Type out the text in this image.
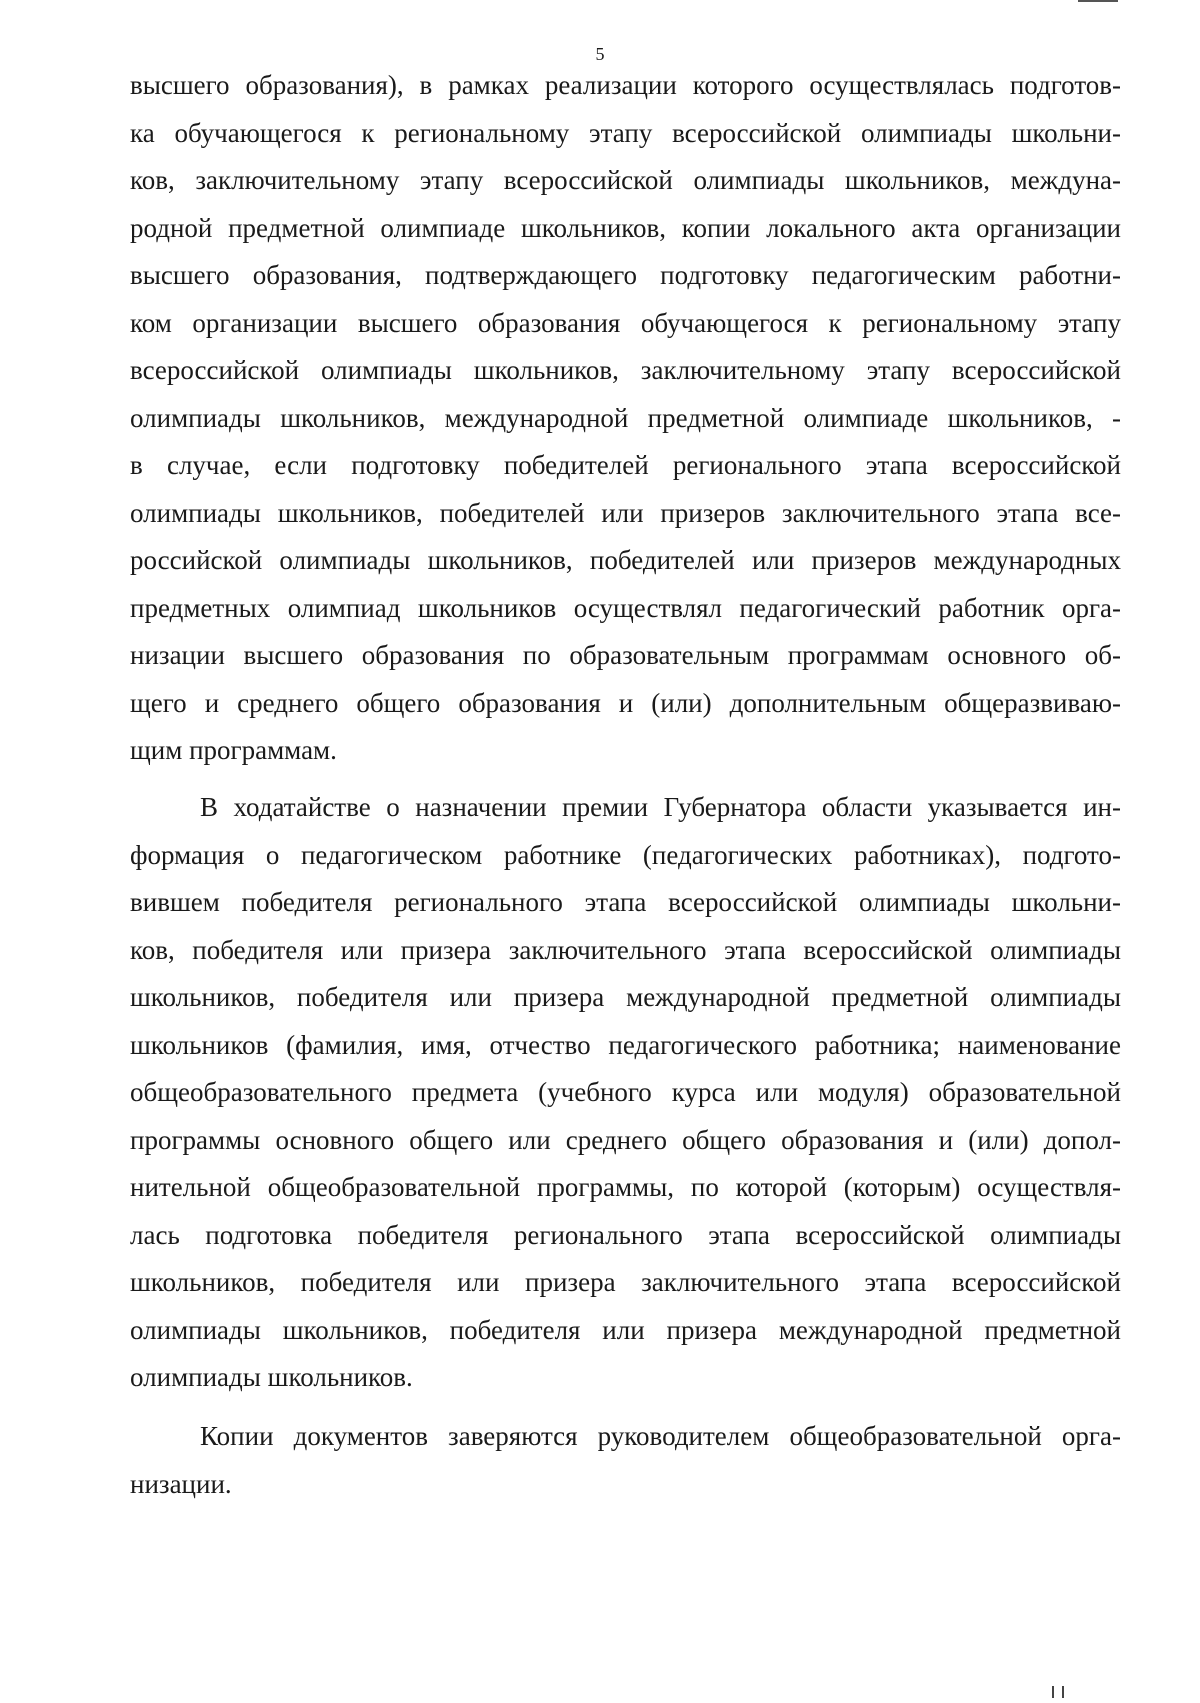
5
высшего образования), в рамках реализации которого осуществлялась подготов-
ка обучающегося к региональному этапу всероссийской олимпиады школьни-
ков, заключительному этапу всероссийской олимпиады школьников, междуна-
родной предметной олимпиаде школьников, копии локального акта организации
высшего образования, подтверждающего подготовку педагогическим работни-
ком организации высшего образования обучающегося к региональному этапу
всероссийской олимпиады школьников, заключительному этапу всероссийской
олимпиады школьников, международной предметной олимпиаде школьников, -
в случае, если подготовку победителей регионального этапа всероссийской
олимпиады школьников, победителей или призеров заключительного этапа все-
российской олимпиады школьников, победителей или призеров международных
предметных олимпиад школьников осуществлял педагогический работник орга-
низации высшего образования по образовательным программам основного об-
щего и среднего общего образования и (или) дополнительным общеразвиваю-
щим программам.
В ходатайстве о назначении премии Губернатора области указывается ин-
формация о педагогическом работнике (педагогических работниках), подгото-
вившем победителя регионального этапа всероссийской олимпиады школьни-
ков, победителя или призера заключительного этапа всероссийской олимпиады
школьников, победителя или призера международной предметной олимпиады
школьников (фамилия, имя, отчество педагогического работника; наименование
общеобразовательного предмета (учебного курса или модуля) образовательной
программы основного общего или среднего общего образования и (или) допол-
нительной общеобразовательной программы, по которой (которым) осуществля-
лась подготовка победителя регионального этапа всероссийской олимпиады
школьников, победителя или призера заключительного этапа всероссийской
олимпиады школьников, победителя или призера международной предметной
олимпиады школьников.
Копии документов заверяются руководителем общеобразовательной орга-
низации.
